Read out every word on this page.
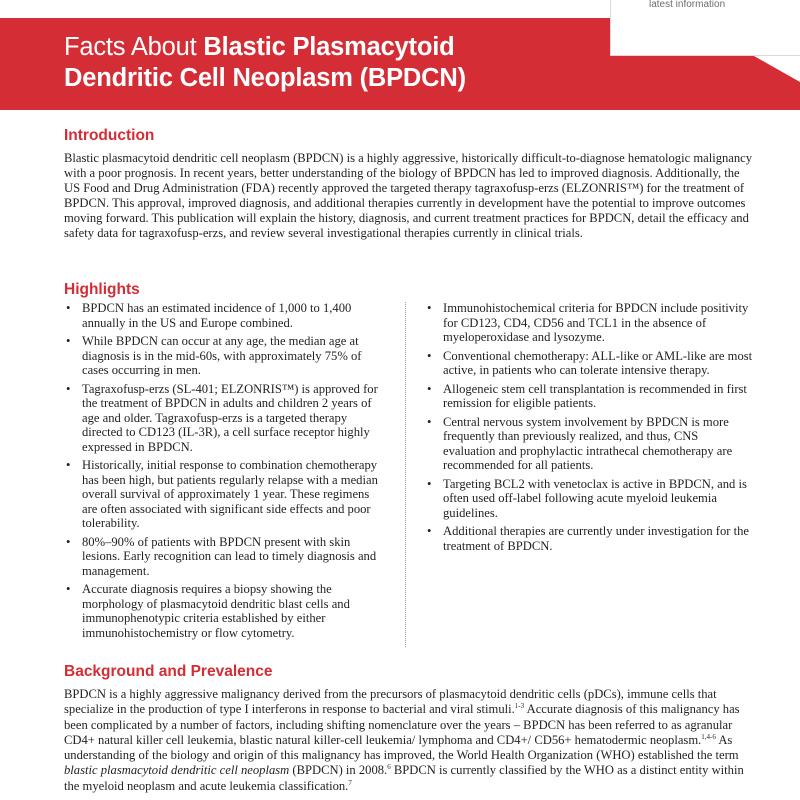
Facts About Blastic Plasmacytoid
Dendritic Cell Neoplasm (BPDCN)
latest information
Introduction

Blastic plasmacytoid dendritic cell neoplasm (BPDCN) is a highly aggressive, historically difficult-to-diagnose hematologic malignancy with a poor prognosis. In recent years, better understanding of the biology of BPDCN has led to improved diagnosis. Additionally, the US Food and Drug Administration (FDA) recently approved the targeted therapy tagraxofusp-erzs (ELZONRIS™) for the treatment of BPDCN. This approval, improved diagnosis, and additional therapies currently in development have the potential to improve outcomes moving forward. This publication will explain the history, diagnosis, and current treatment practices for BPDCN, detail the efficacy and safety data for tagraxofusp-erzs, and review several investigational therapies currently in clinical trials.

Highlights
• BPDCN has an estimated incidence of 1,000 to 1,400 annually in the US and Europe combined.
• While BPDCN can occur at any age, the median age at diagnosis is in the mid-60s, with approximately 75% of cases occurring in men.
• Tagraxofusp-erzs (SL-401; ELZONRIS™) is approved for the treatment of BPDCN in adults and children 2 years of age and older. Tagraxofusp-erzs is a targeted therapy directed to CD123 (IL-3R), a cell surface receptor highly expressed in BPDCN.
• Historically, initial response to combination chemotherapy has been high, but patients regularly relapse with a median overall survival of approximately 1 year. These regimens are often associated with significant side effects and poor tolerability.
• 80%–90% of patients with BPDCN present with skin lesions. Early recognition can lead to timely diagnosis and management.
• Accurate diagnosis requires a biopsy showing the morphology of plasmacytoid dendritic blast cells and immunophenotypic criteria established by either immunohistochemistry or flow cytometry.
• Immunohistochemical criteria for BPDCN include positivity for CD123, CD4, CD56 and TCL1 in the absence of myeloperoxidase and lysozyme.
• Conventional chemotherapy: ALL-like or AML-like are most active, in patients who can tolerate intensive therapy.
• Allogeneic stem cell transplantation is recommended in first remission for eligible patients.
• Central nervous system involvement by BPDCN is more frequently than previously realized, and thus, CNS evaluation and prophylactic intrathecal chemotherapy are recommended for all patients.
• Targeting BCL2 with venetoclax is active in BPDCN, and is often used off-label following acute myeloid leukemia guidelines.
• Additional therapies are currently under investigation for the treatment of BPDCN.
Background and Prevalence

BPDCN is a highly aggressive malignancy derived from the precursors of plasmacytoid dendritic cells (pDCs), immune cells that specialize in the production of type I interferons in response to bacterial and viral stimuli.$^{1-3}$ Accurate diagnosis of this malignancy has been complicated by a number of factors, including shifting nomenclature over the years – BPDCN has been referred to as agranular CD4+ natural killer cell leukemia, blastic natural killer-cell leukemia/ lymphoma and CD4+/ CD56+ hematodermic neoplasm.$^{1,4-6}$ As understanding of the biology and origin of this malignancy has improved, the World Health Organization (WHO) established the term blastic plasmacytoid dendritic cell neoplasm (BPDCN) in 2008.$^6$ BPDCN is currently classified by the WHO as a distinct entity within the myeloid neoplasm and acute leukemia classification.$^7$
